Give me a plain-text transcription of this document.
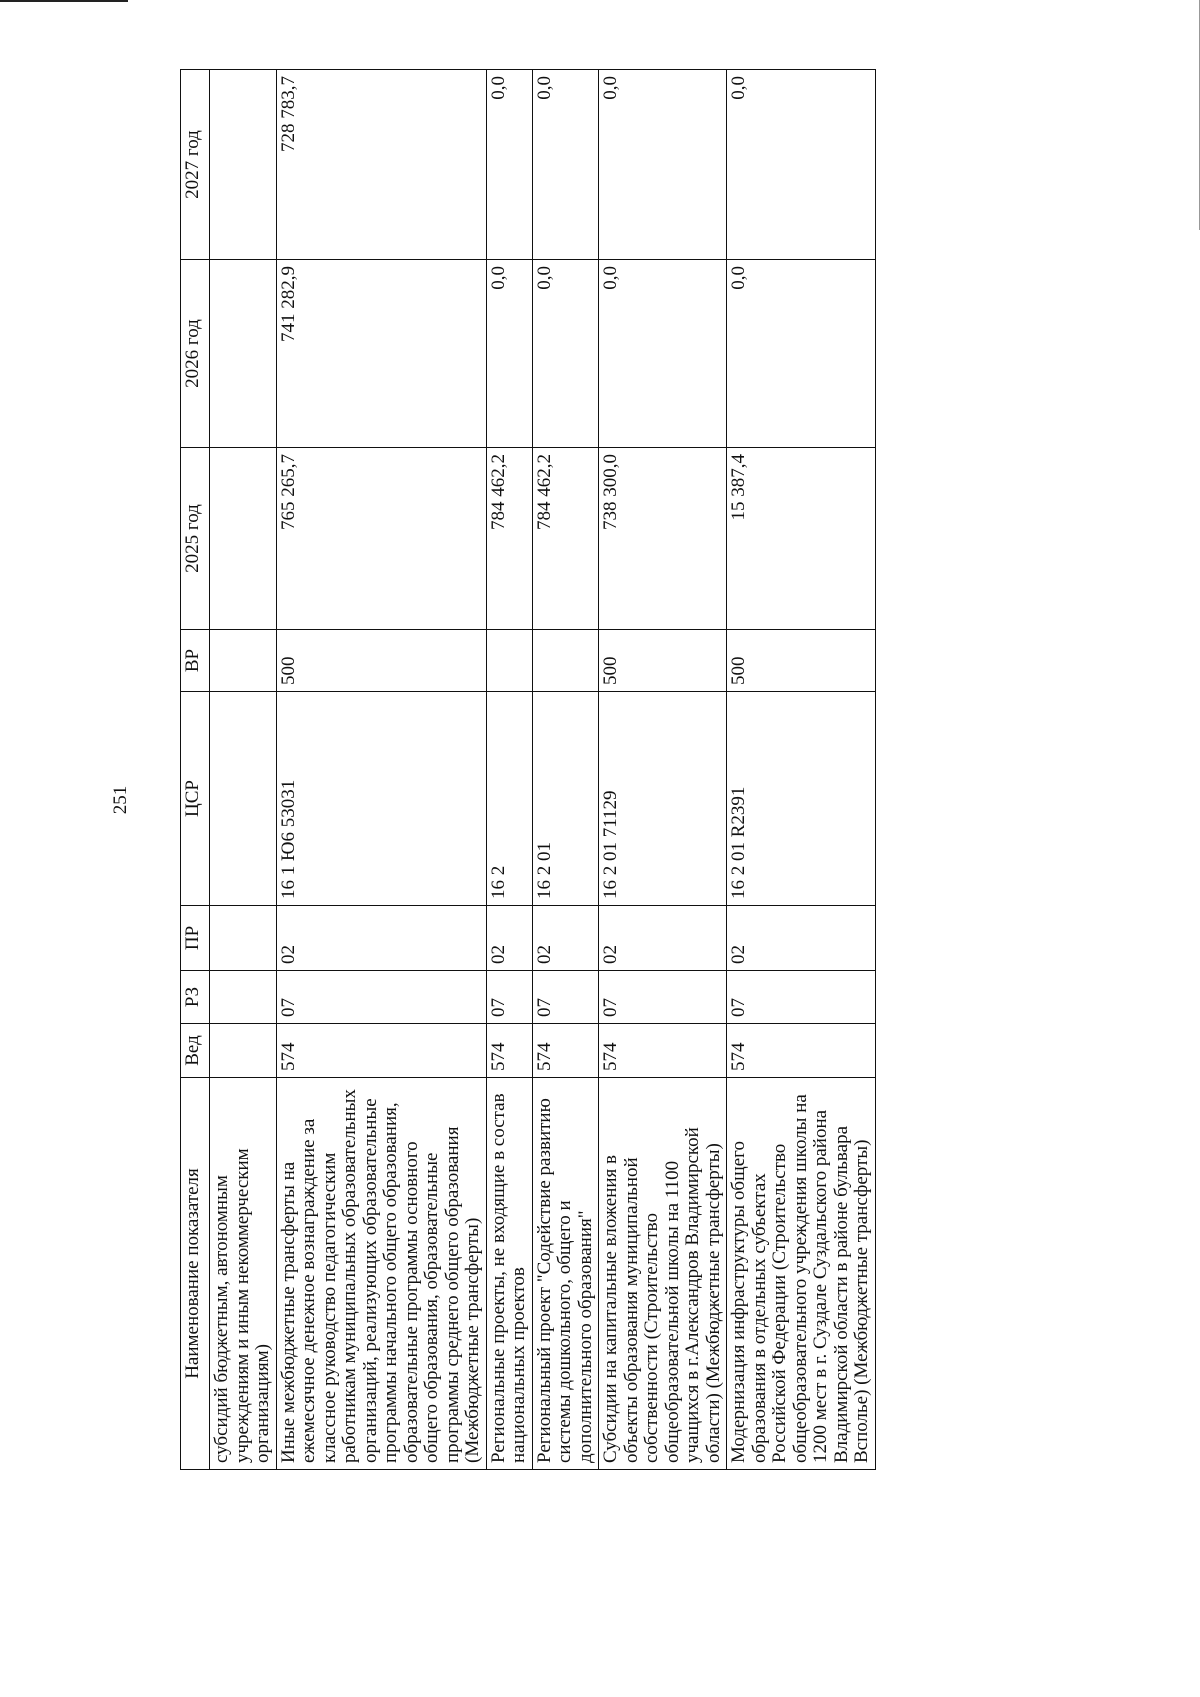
251
Наименование показателя	Вед	РЗ	ПР	ЦСР	ВР	2025 год	2026 год	2027 год
субсидий бюджетным, автономным учреждениям и иным некоммерческим организациям)								
Иные межбюджетные трансферты на ежемесячное денежное вознаграждение за классное руководство педагогическим работникам муниципальных образовательных организаций, реализующих образовательные программы начального общего образования, образовательные программы основного общего образования, образовательные программы среднего общего образования (Межбюджетные трансферты)	574	07	02	16 1 Ю6 53031	500	765 265,7	741 282,9	728 783,7
Региональные проекты, не входящие в состав национальных проектов	574	07	02	16 2		784 462,2	0,0	0,0
Региональный проект "Содействие развитию системы дошкольного, общего и дополнительного образования"	574	07	02	16 2 01		784 462,2	0,0	0,0
Субсидии на капитальные вложения в объекты образования муниципальной собственности (Строительство общеобразовательной школы на 1100 учащихся в г.Александров Владимирской области) (Межбюджетные трансферты)	574	07	02	16 2 01 71129	500	738 300,0	0,0	0,0
Модернизация инфраструктуры общего образования в отдельных субъектах Российской Федерации (Строительство общеобразовательного учреждения школы на 1200 мест в г. Суздале Суздальского района Владимирской области в районе бульвара Всполье) (Межбюджетные трансферты)	574	07	02	16 2 01 R2391	500	15 387,4	0,0	0,0
